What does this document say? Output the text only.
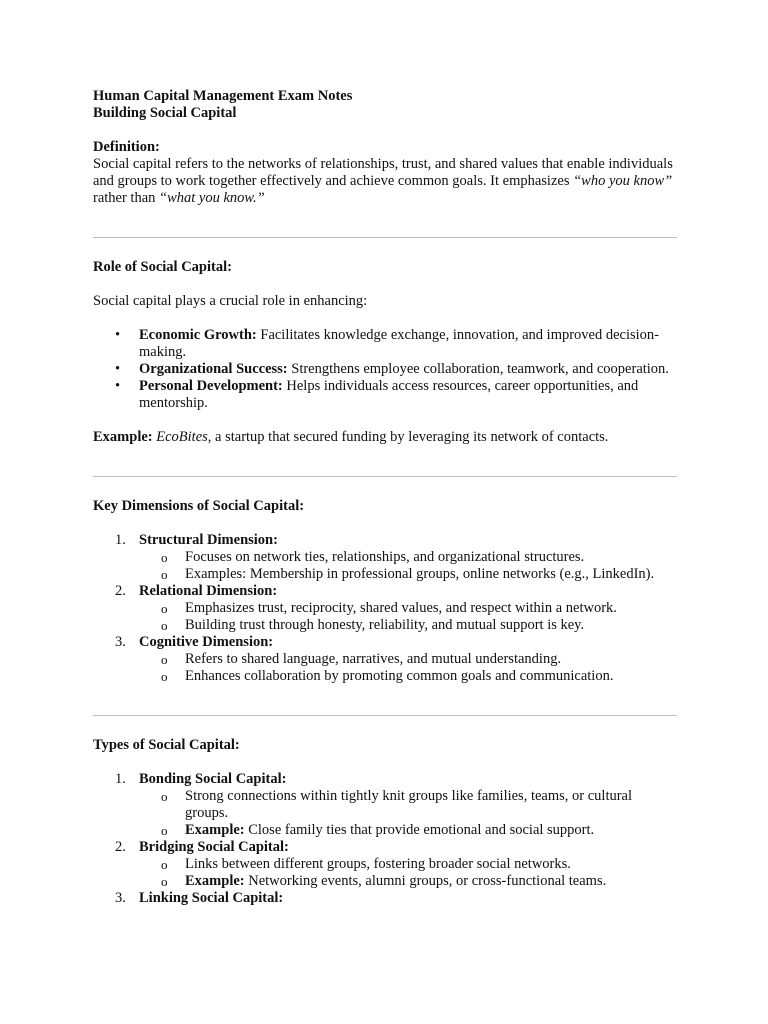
Human Capital Management Exam Notes
Building Social Capital
Definition:
Social capital refers to the networks of relationships, trust, and shared values that enable individuals and groups to work together effectively and achieve common goals. It emphasizes “who you know” rather than “what you know.”
Role of Social Capital:
Social capital plays a crucial role in enhancing:
• Economic Growth: Facilitates knowledge exchange, innovation, and improved decision-making.
• Organizational Success: Strengthens employee collaboration, teamwork, and cooperation.
• Personal Development: Helps individuals access resources, career opportunities, and mentorship.
Example: EcoBites, a startup that secured funding by leveraging its network of contacts.
Key Dimensions of Social Capital:
1. Structural Dimension:
o Focuses on network ties, relationships, and organizational structures.
o Examples: Membership in professional groups, online networks (e.g., LinkedIn).
2. Relational Dimension:
o Emphasizes trust, reciprocity, shared values, and respect within a network.
o Building trust through honesty, reliability, and mutual support is key.
3. Cognitive Dimension:
o Refers to shared language, narratives, and mutual understanding.
o Enhances collaboration by promoting common goals and communication.
Types of Social Capital:
1. Bonding Social Capital:
o Strong connections within tightly knit groups like families, teams, or cultural groups.
o Example: Close family ties that provide emotional and social support.
2. Bridging Social Capital:
o Links between different groups, fostering broader social networks.
o Example: Networking events, alumni groups, or cross-functional teams.
3. Linking Social Capital:
